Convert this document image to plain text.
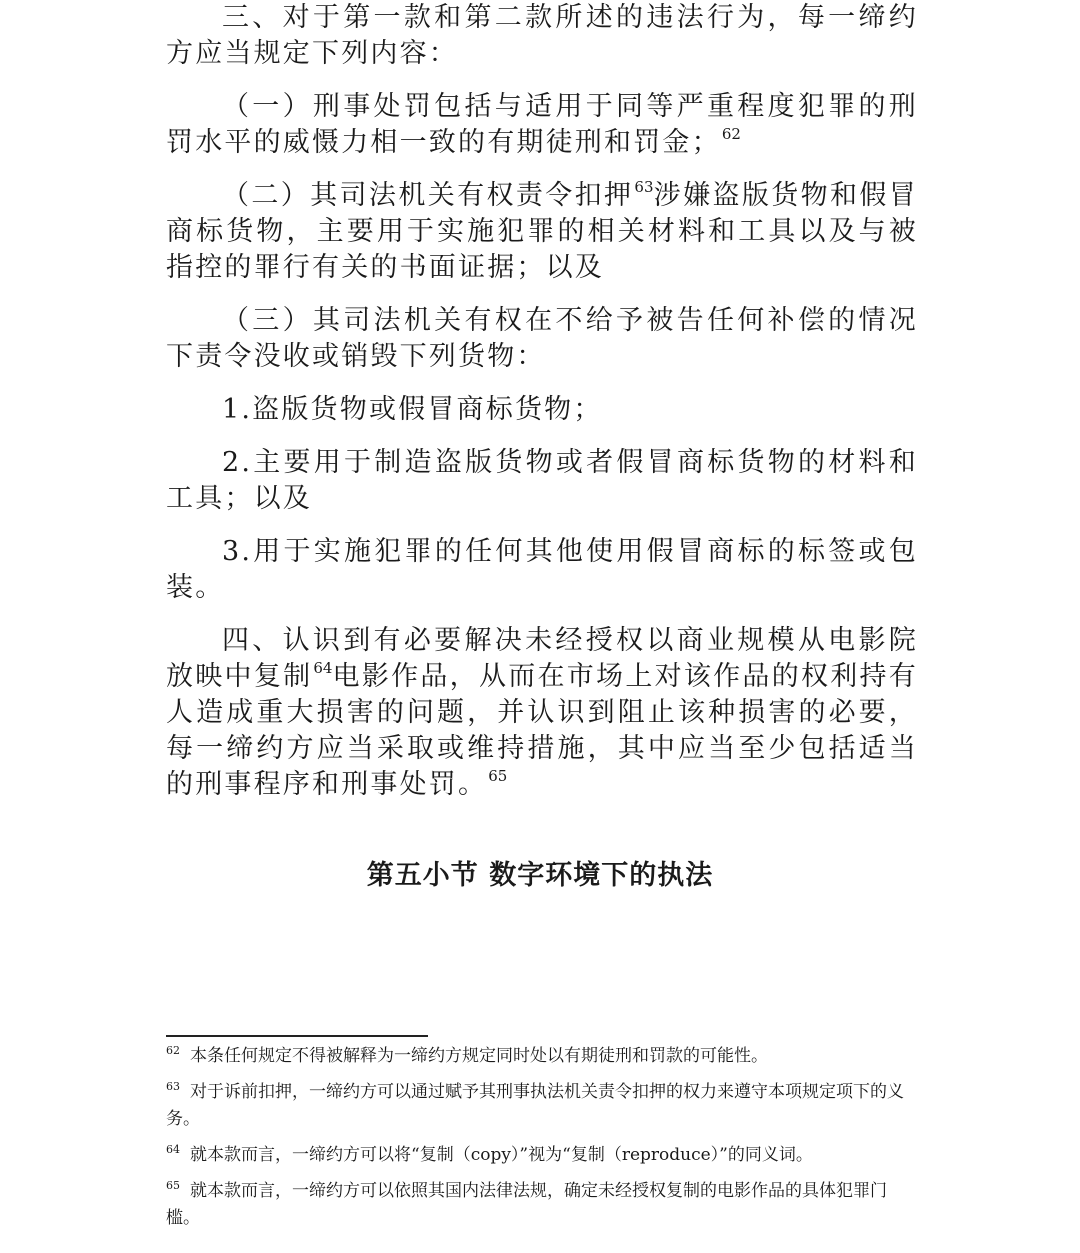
三、对于第一款和第二款所述的违法行为，每一缔约方应当规定下列内容：

（一）刑事处罚包括与适用于同等严重程度犯罪的刑罚水平的威慑力相一致的有期徒刑和罚金；$^{62}$

（二）其司法机关有权责令扣押$^{63}$涉嫌盗版货物和假冒商标货物，主要用于实施犯罪的相关材料和工具以及与被指控的罪行有关的书面证据；以及

（三）其司法机关有权在不给予被告任何补偿的情况下责令没收或销毁下列货物：

1.盗版货物或假冒商标货物；

2.主要用于制造盗版货物或者假冒商标货物的材料和工具；以及

3.用于实施犯罪的任何其他使用假冒商标的标签或包装。

四、认识到有必要解决未经授权以商业规模从电影院放映中复制$^{64}$电影作品，从而在市场上对该作品的权利持有人造成重大损害的问题，并认识到阻止该种损害的必要，每一缔约方应当采取或维持措施，其中应当至少包括适当的刑事程序和刑事处罚。$^{65}$

第五小节 数字环境下的执法

$^{62}$ 本条任何规定不得被解释为一缔约方规定同时处以有期徒刑和罚款的可能性。

$^{63}$ 对于诉前扣押，一缔约方可以通过赋予其刑事执法机关责令扣押的权力来遵守本项规定项下的义务。

$^{64}$ 就本款而言，一缔约方可以将“复制（copy）”视为“复制（reproduce）”的同义词。

$^{65}$ 就本款而言，一缔约方可以依照其国内法律法规，确定未经授权复制的电影作品的具体犯罪门槛。
